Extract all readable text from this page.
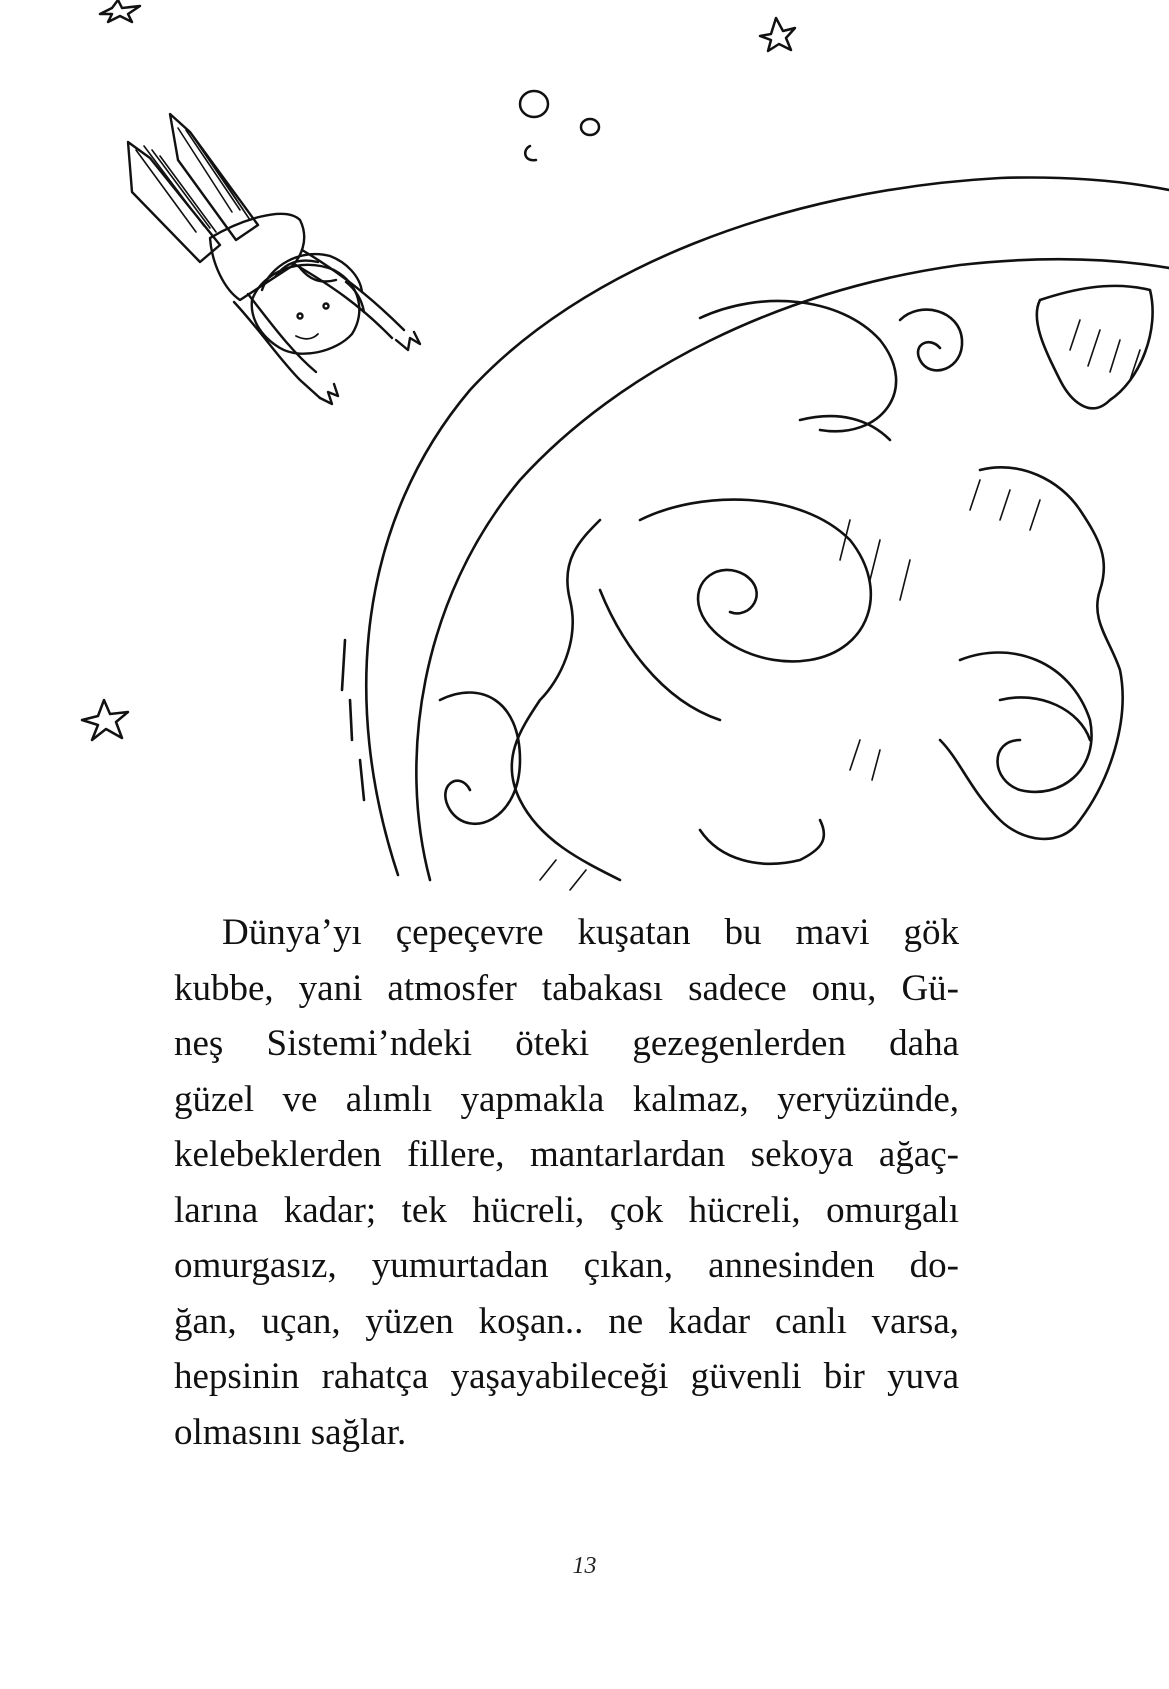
Dünya’yı çepeçevre kuşatan bu mavi gök
kubbe, yani atmosfer tabakası sadece onu, Gü-
neş Sistemi’ndeki öteki gezegenlerden daha
güzel ve alımlı yapmakla kalmaz, yeryüzünde,
kelebeklerden fillere, mantarlardan sekoya ağaç-
larına kadar; tek hücreli, çok hücreli, omurgalı
omurgasız, yumurtadan çıkan, annesinden do-
ğan, uçan, yüzen koşan.. ne kadar canlı varsa,
hepsinin rahatça yaşayabileceği güvenli bir yuva
olmasını sağlar.
13
